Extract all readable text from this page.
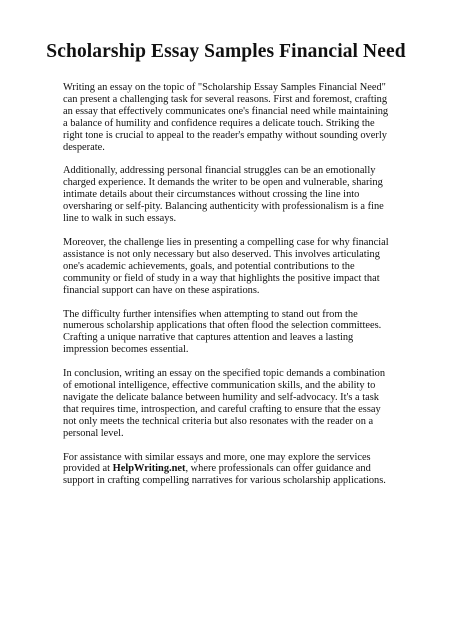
Scholarship Essay Samples Financial Need

Writing an essay on the topic of "Scholarship Essay Samples Financial Need" can present a challenging task for several reasons. First and foremost, crafting an essay that effectively communicates one's financial need while maintaining a balance of humility and confidence requires a delicate touch. Striking the right tone is crucial to appeal to the reader's empathy without sounding overly desperate.

Additionally, addressing personal financial struggles can be an emotionally charged experience. It demands the writer to be open and vulnerable, sharing intimate details about their circumstances without crossing the line into oversharing or self-pity. Balancing authenticity with professionalism is a fine line to walk in such essays.

Moreover, the challenge lies in presenting a compelling case for why financial assistance is not only necessary but also deserved. This involves articulating one's academic achievements, goals, and potential contributions to the community or field of study in a way that highlights the positive impact that financial support can have on these aspirations.

The difficulty further intensifies when attempting to stand out from the numerous scholarship applications that often flood the selection committees. Crafting a unique narrative that captures attention and leaves a lasting impression becomes essential.

In conclusion, writing an essay on the specified topic demands a combination of emotional intelligence, effective communication skills, and the ability to navigate the delicate balance between humility and self-advocacy. It's a task that requires time, introspection, and careful crafting to ensure that the essay not only meets the technical criteria but also resonates with the reader on a personal level.

For assistance with similar essays and more, one may explore the services provided at HelpWriting.net, where professionals can offer guidance and support in crafting compelling narratives for various scholarship applications.
